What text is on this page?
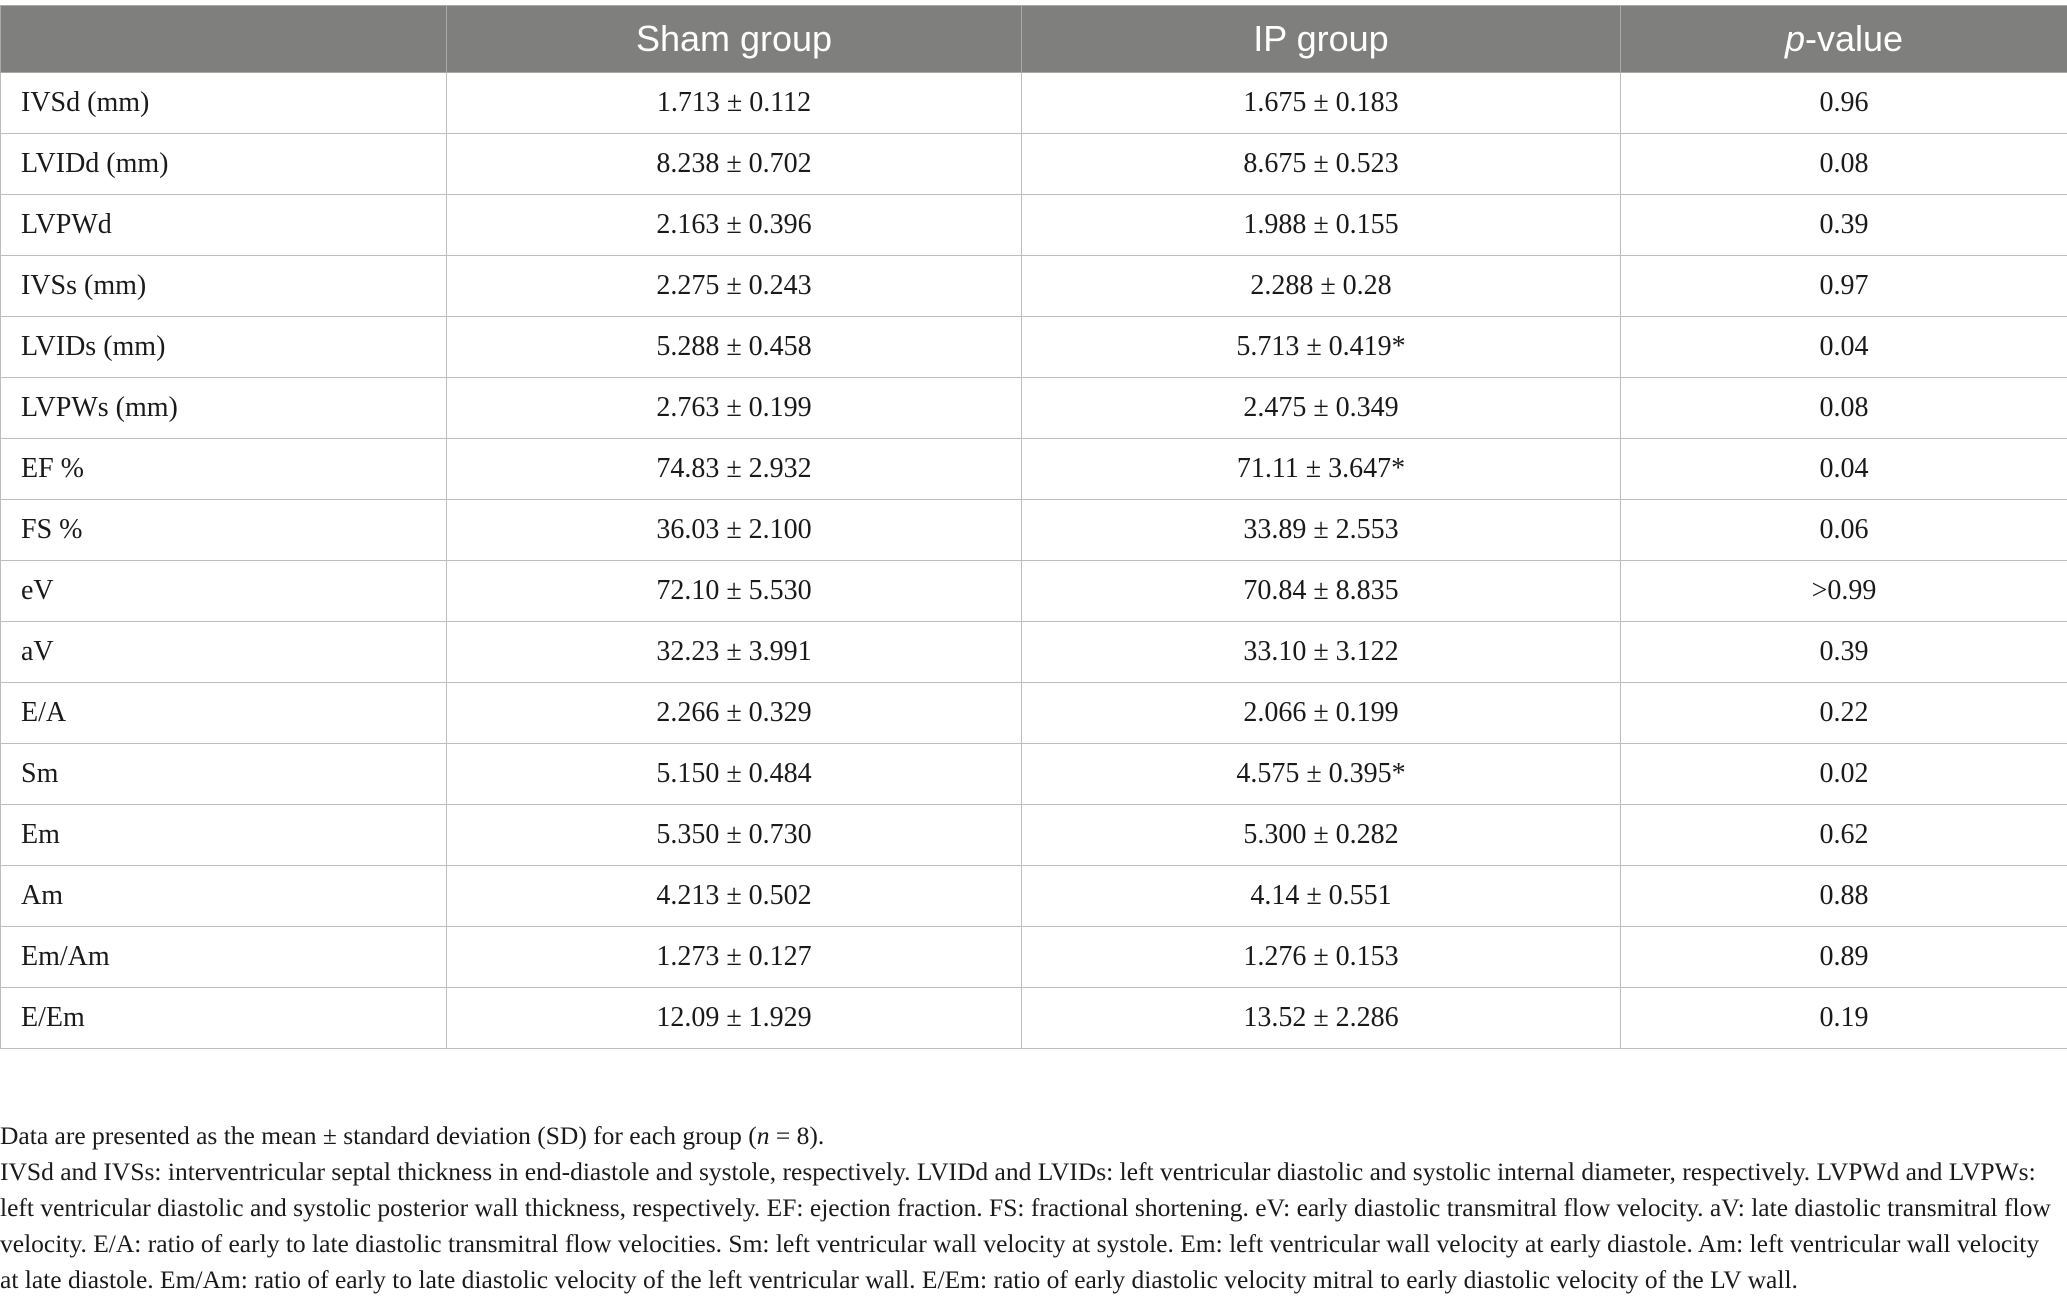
	Sham group	IP group	p-value
IVSd (mm)	1.713 ± 0.112	1.675 ± 0.183	0.96
LVIDd (mm)	8.238 ± 0.702	8.675 ± 0.523	0.08
LVPWd	2.163 ± 0.396	1.988 ± 0.155	0.39
IVSs (mm)	2.275 ± 0.243	2.288 ± 0.28	0.97
LVIDs (mm)	5.288 ± 0.458	5.713 ± 0.419*	0.04
LVPWs (mm)	2.763 ± 0.199	2.475 ± 0.349	0.08
EF %	74.83 ± 2.932	71.11 ± 3.647*	0.04
FS %	36.03 ± 2.100	33.89 ± 2.553	0.06
eV	72.10 ± 5.530	70.84 ± 8.835	>0.99
aV	32.23 ± 3.991	33.10 ± 3.122	0.39
E/A	2.266 ± 0.329	2.066 ± 0.199	0.22
Sm	5.150 ± 0.484	4.575 ± 0.395*	0.02
Em	5.350 ± 0.730	5.300 ± 0.282	0.62
Am	4.213 ± 0.502	4.14 ± 0.551	0.88
Em/Am	1.273 ± 0.127	1.276 ± 0.153	0.89
E/Em	12.09 ± 1.929	13.52 ± 2.286	0.19

Data are presented as the mean ± standard deviation (SD) for each group (n = 8).

IVSd and IVSs: interventricular septal thickness in end-diastole and systole, respectively. LVIDd and LVIDs: left ventricular diastolic and systolic internal diameter, respectively. LVPWd and LVPWs: left ventricular diastolic and systolic posterior wall thickness, respectively. EF: ejection fraction. FS: fractional shortening. eV: early diastolic transmitral flow velocity. aV: late diastolic transmitral flow velocity. E/A: ratio of early to late diastolic transmitral flow velocities. Sm: left ventricular wall velocity at systole. Em: left ventricular wall velocity at early diastole. Am: left ventricular wall velocity at late diastole. Em/Am: ratio of early to late diastolic velocity of the left ventricular wall. E/Em: ratio of early diastolic velocity mitral to early diastolic velocity of the LV wall.
